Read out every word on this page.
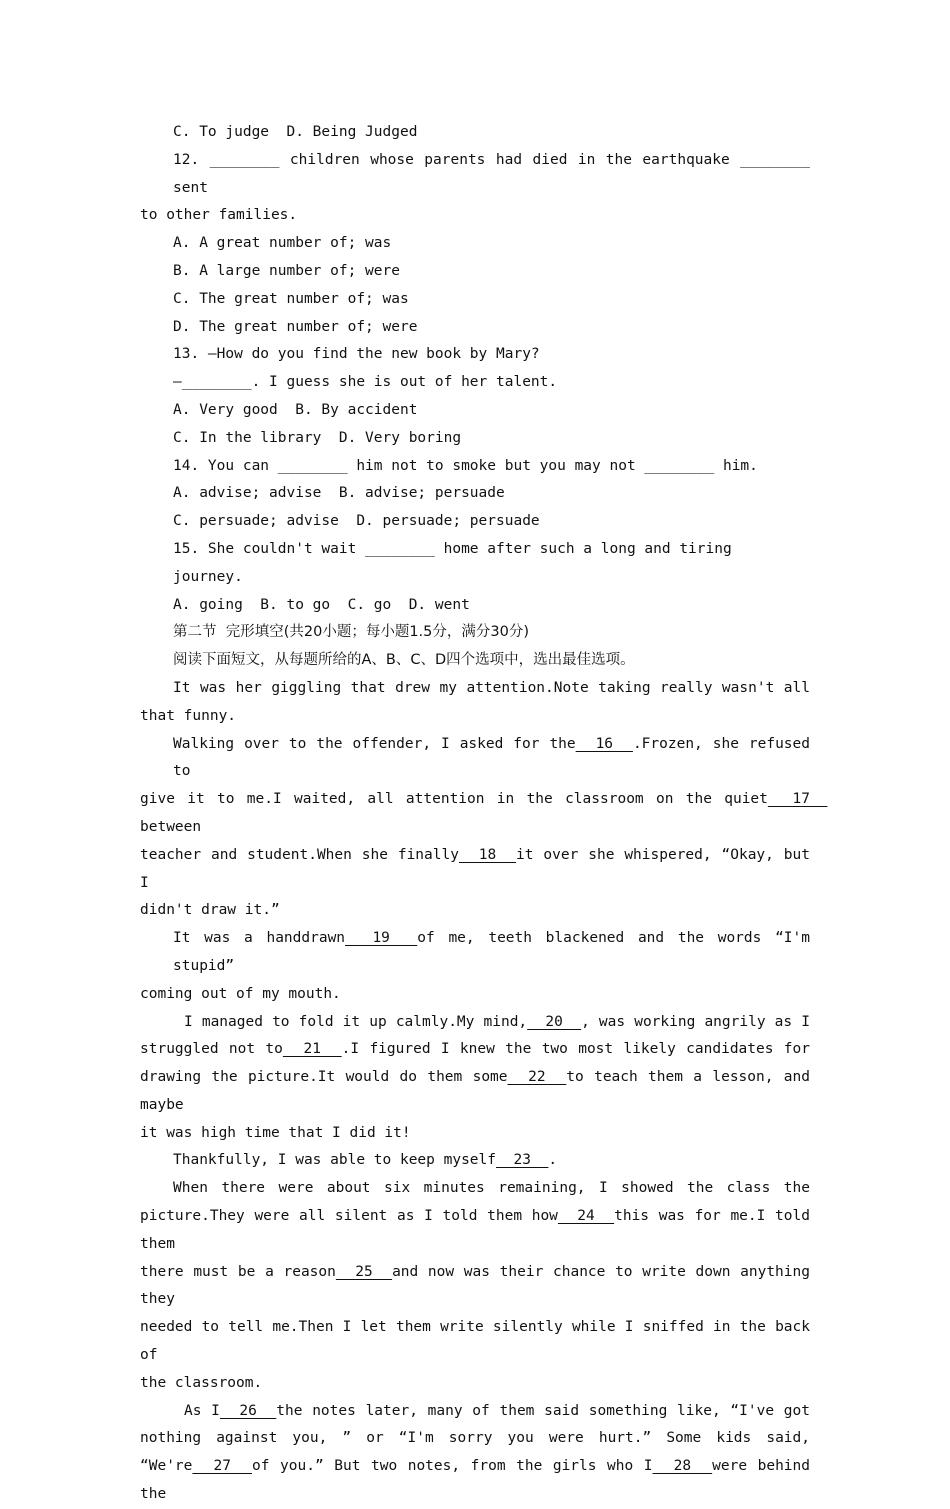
C. To judge  D. Being Judged

12. ________ children whose parents had died in the earthquake ________ sent

to other families.

A. A great number of; was

B. A large number of; were

C. The great number of; was

D. The great number of; were

13. —How do you find the new book by Mary?

—________. I guess she is out of her talent.

A. Very good  B. By accident

C. In the library  D. Very boring

14. You can ________ him not to smoke but you may not ________ him.

A. advise; advise  B. advise; persuade

C. persuade; advise  D. persuade; persuade

15. She couldn't wait ________ home after such a long and tiring journey.

A. going  B. to go  C. go  D. went

第二节  完形填空(共20小题；每小题1.5分，满分30分)

阅读下面短文，从每题所给的A、B、C、D四个选项中，选出最佳选项。

It was her giggling that drew my attention.Note taking really wasn't all

that funny.

Walking over to the offender, I asked for the  16  .Frozen, she refused to

give it to me.I waited, all attention in the classroom on the quiet  17  between

teacher and student.When she finally  18  it over she whispered, “Okay, but I

didn't draw it.”

It was a handdrawn  19  of me, teeth blackened and the words “I'm stupid”

coming out of my mouth.

I managed to fold it up calmly.My mind,  20  , was working angrily as I

struggled not to  21  .I figured I knew the two most likely candidates for

drawing the picture.It would do them some  22  to teach them a lesson, and maybe

it was high time that I did it!

Thankfully, I was able to keep myself  23  .

When there were about six minutes remaining, I showed the class the

picture.They were all silent as I told them how  24  this was for me.I told them

there must be a reason  25  and now was their chance to write down anything they

needed to tell me.Then I let them write silently while I sniffed in the back of

the classroom.

As I  26  the notes later, many of them said something like, “I've got

nothing against you, ” or “I'm sorry you were hurt.” Some kids said,

“We're  27  of you.” But two notes, from the girls who I  28  were behind the
